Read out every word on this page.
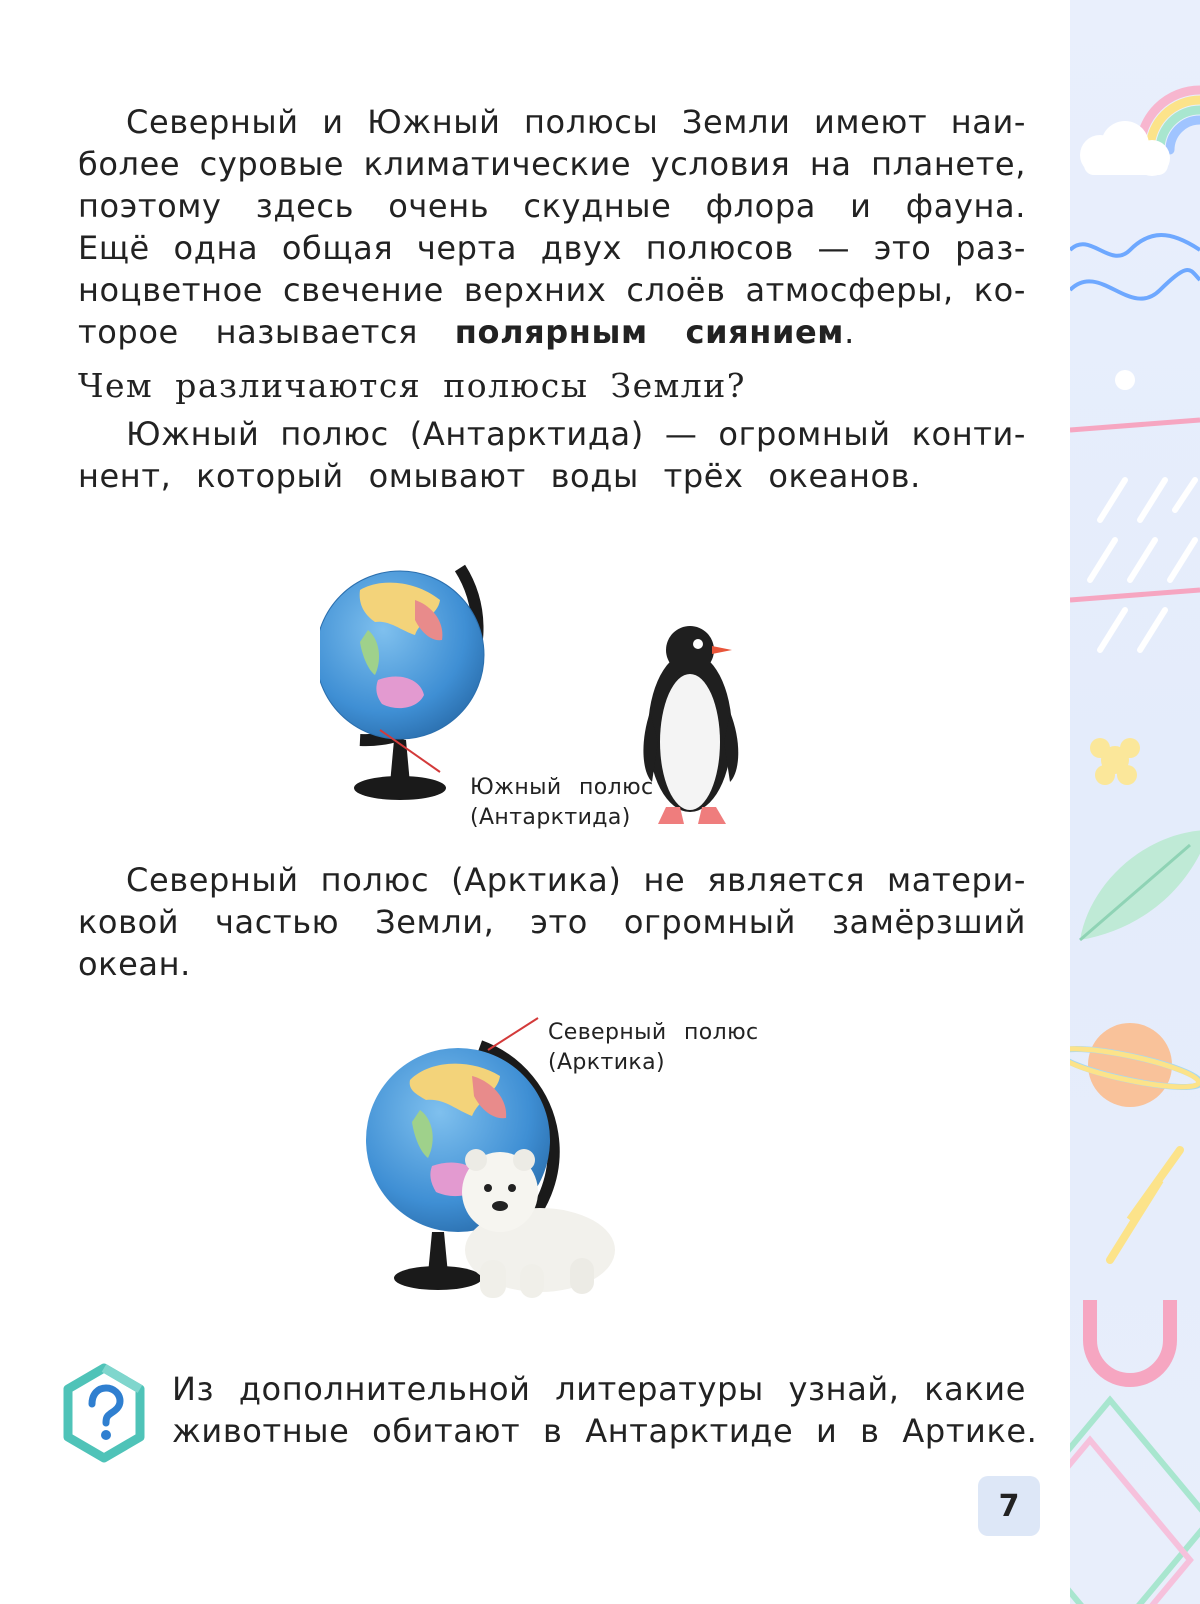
Северный и Южный полюсы Земли имеют наи-
более суровые климатические условия на планете,
поэтому здесь очень скудные флора и фауна.
Ещё одна общая черта двух полюсов — это раз-
ноцветное свечение верхних слоёв атмосферы, ко-
торое называется полярным сиянием.
Чем различаются полюсы Земли?
Южный полюс (Антарктида) — огромный конти-
нент, который омывают воды трёх океанов.
Южный полюс
(Антарктида)
Северный полюс (Арктика) не является матери-
ковой частью Земли, это огромный замёрзший
океан.
Северный полюс
(Арктика)
Из дополнительной литературы узнай, какие
животные обитают в Антарктиде и в Артике.
7
